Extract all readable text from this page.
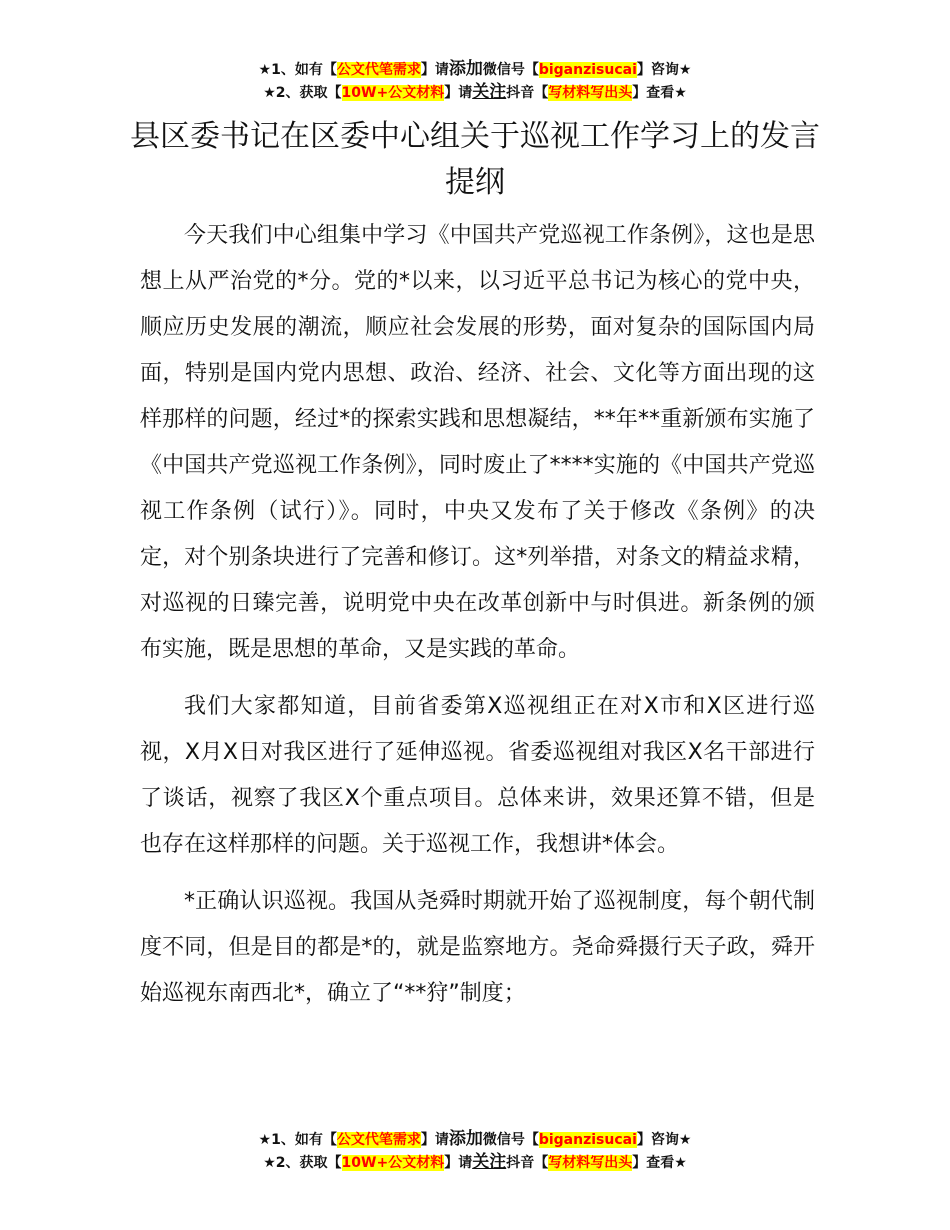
★1、如有【公文代笔需求】请添加微信号【biganzisucai】咨询★
★2、获取【10W+公文材料】请关注抖音【写材料写出头】查看★
县区委书记在区委中心组关于巡视工作学习上的发言提纲

今天我们中心组集中学习《中国共产党巡视工作条例》，这也是思想上从严治党的*分。党的*以来，以习近平总书记为核心的党中央，顺应历史发展的潮流，顺应社会发展的形势，面对复杂的国际国内局面，特别是国内党内思想、政治、经济、社会、文化等方面出现的这样那样的问题，经过*的探索实践和思想凝结，**年**重新颁布实施了《中国共产党巡视工作条例》，同时废止了****实施的《中国共产党巡视工作条例（试行）》。同时，中央又发布了关于修改《条例》的决定，对个别条块进行了完善和修订。这*列举措，对条文的精益求精，对巡视的日臻完善，说明党中央在改革创新中与时俱进。新条例的颁布实施，既是思想的革命，又是实践的革命。

我们大家都知道，目前省委第X巡视组正在对X市和X区进行巡视，X月X日对我区进行了延伸巡视。省委巡视组对我区X名干部进行了谈话，视察了我区X个重点项目。总体来讲，效果还算不错，但是也存在这样那样的问题。关于巡视工作，我想讲*体会。

*正确认识巡视。我国从尧舜时期就开始了巡视制度，每个朝代制度不同，但是目的都是*的，就是监察地方。尧命舜摄行天子政，舜开始巡视东南西北*，确立了“**狩”制度；

★1、如有【公文代笔需求】请添加微信号【biganzisucai】咨询★
★2、获取【10W+公文材料】请关注抖音【写材料写出头】查看★
